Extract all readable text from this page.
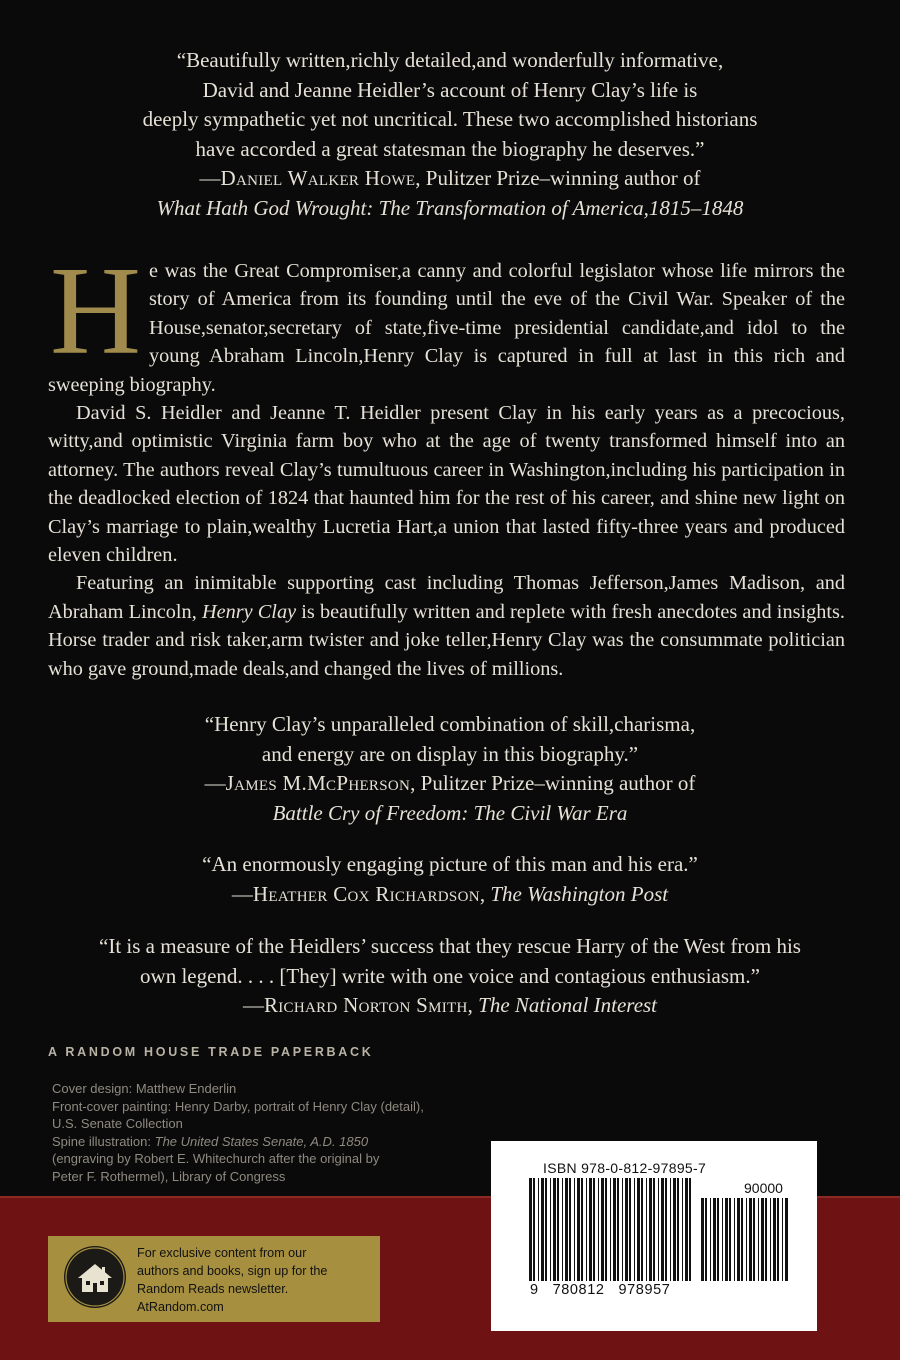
“Beautifully written,richly detailed,and wonderfully informative,

David and Jeanne Heidler’s account of Henry Clay’s life is

deeply sympathetic yet not uncritical. These two accomplished historians

have accorded a great statesman the biography he deserves.”

—Daniel Walker Howe, Pulitzer Prize–winning author of

What Hath God Wrought: The Transformation of America,1815–1848

He was the Great Compromiser,a canny and colorful legislator whose life mirrors the story of America from its founding until the eve of the Civil War. Speaker of the House,senator,secretary of state,five-time presidential candidate,and idol to the young Abraham Lincoln,Henry Clay is captured in full at last in this rich and sweeping biography.

David S. Heidler and Jeanne T. Heidler present Clay in his early years as a precocious, witty,and optimistic Virginia farm boy who at the age of twenty transformed himself into an attorney. The authors reveal Clay’s tumultuous career in Washington,including his participation in the deadlocked election of 1824 that haunted him for the rest of his career, and shine new light on Clay’s marriage to plain,wealthy Lucretia Hart,a union that lasted fifty-three years and produced eleven children.

Featuring an inimitable supporting cast including Thomas Jefferson,James Madison, and Abraham Lincoln, Henry Clay is beautifully written and replete with fresh anecdotes and insights. Horse trader and risk taker,arm twister and joke teller,Henry Clay was the consummate politician who gave ground,made deals,and changed the lives of millions.

“Henry Clay’s unparalleled combination of skill,charisma,

and energy are on display in this biography.”

—James M.McPherson, Pulitzer Prize–winning author of

Battle Cry of Freedom: The Civil War Era

“An enormously engaging picture of this man and his era.”

—Heather Cox Richardson, The Washington Post

“It is a measure of the Heidlers’ success that they rescue Harry of the West from his

own legend. . . . [They] write with one voice and contagious enthusiasm.”

—Richard Norton Smith, The National Interest

A RANDOM HOUSE TRADE PAPERBACK
Cover design: Matthew Enderlin
Front-cover painting: Henry Darby, portrait of Henry Clay (detail),
U.S. Senate Collection
Spine illustration: The United States Senate, A.D. 1850
(engraving by Robert E. Whitechurch after the original by
Peter F. Rothermel), Library of Congress
For exclusive content from our
authors and books, sign up for the
Random Reads newsletter.
AtRandom.com
ISBN 978-0-812-97895-7
90000
9 780812 978957
